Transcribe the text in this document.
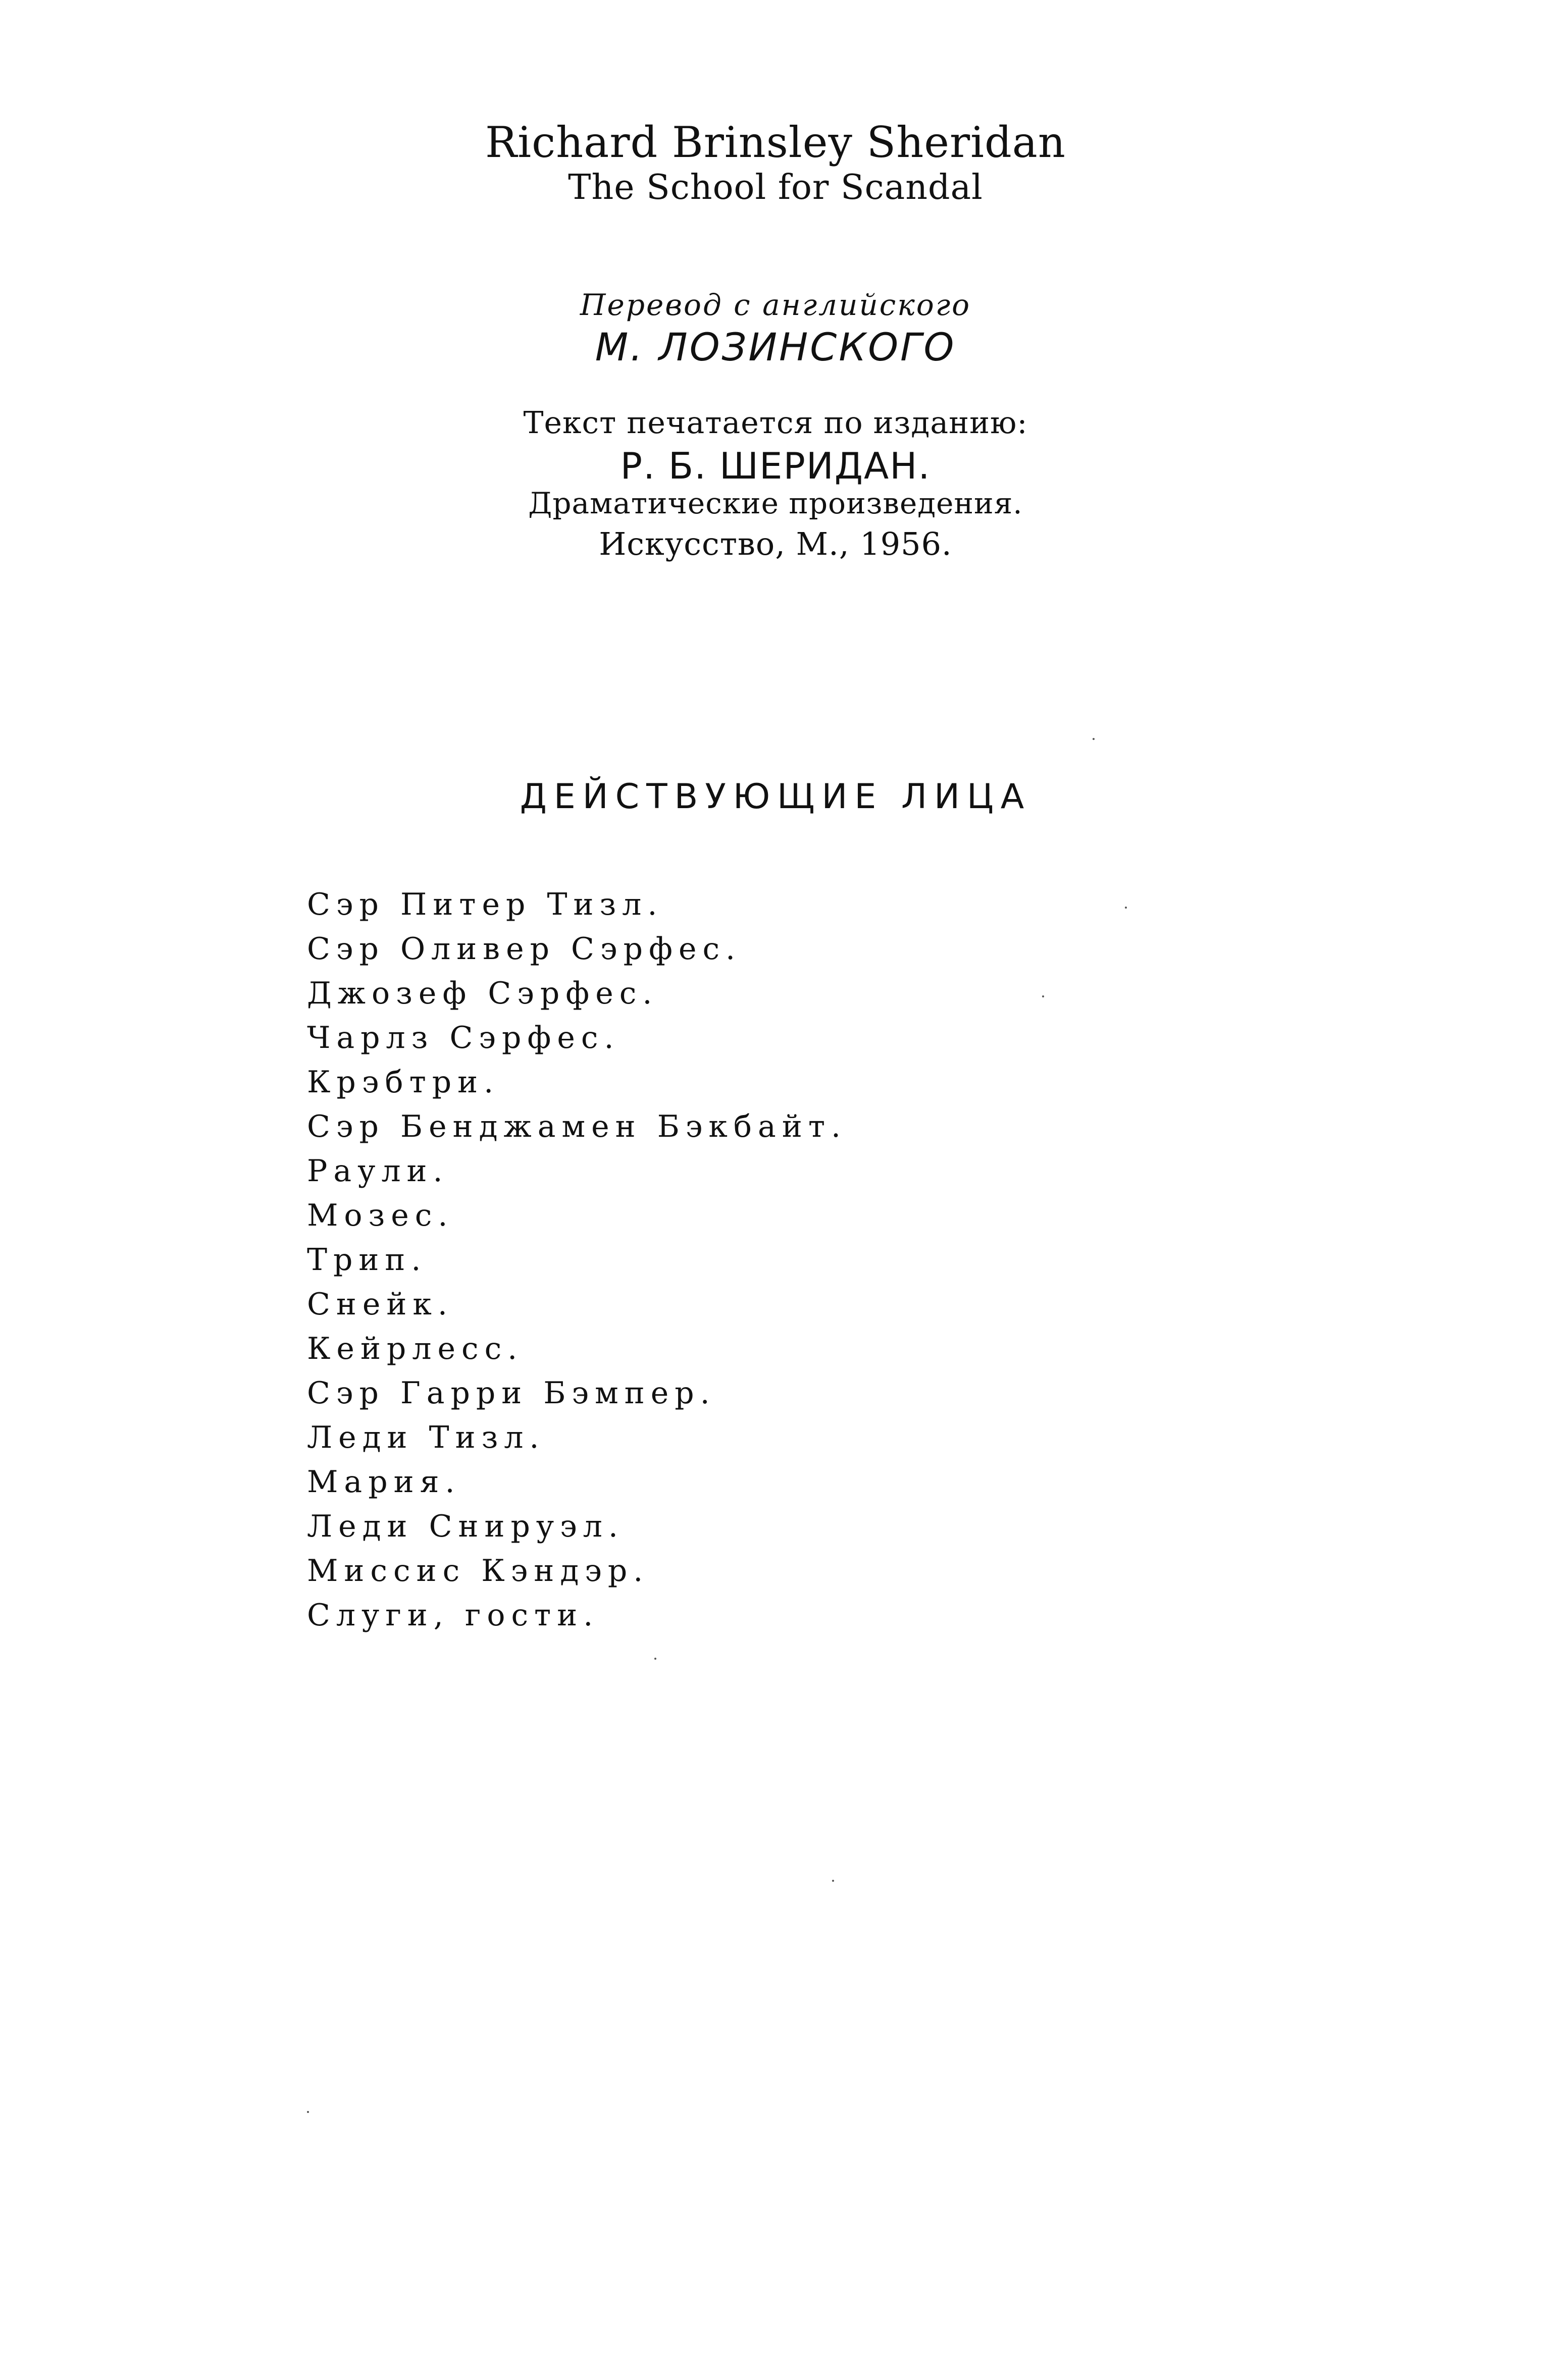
Richard Brinsley Sheridan
The School for Scandal
Перевод с английского
М. ЛОЗИНСКОГО
Текст печатается по изданию:
Р. Б. ШЕРИДАН.
Драматические произведения.
Искусство, М., 1956.
ДЕЙСТВУЮЩИЕ ЛИЦА
Сэр Питер Тизл.
Сэр Оливер Сэрфес.
Джозеф Сэрфес.
Чарлз Сэрфес.
Крэбтри.
Сэр Бенджамен Бэкбайт.
Раули.
Мозес.
Трип.
Снейк.
Кейрлесс.
Сэр Гарри Бэмпер.
Леди Тизл.
Мария.
Леди Снируэл.
Миссис Кэндэр.
Слуги, гости.
